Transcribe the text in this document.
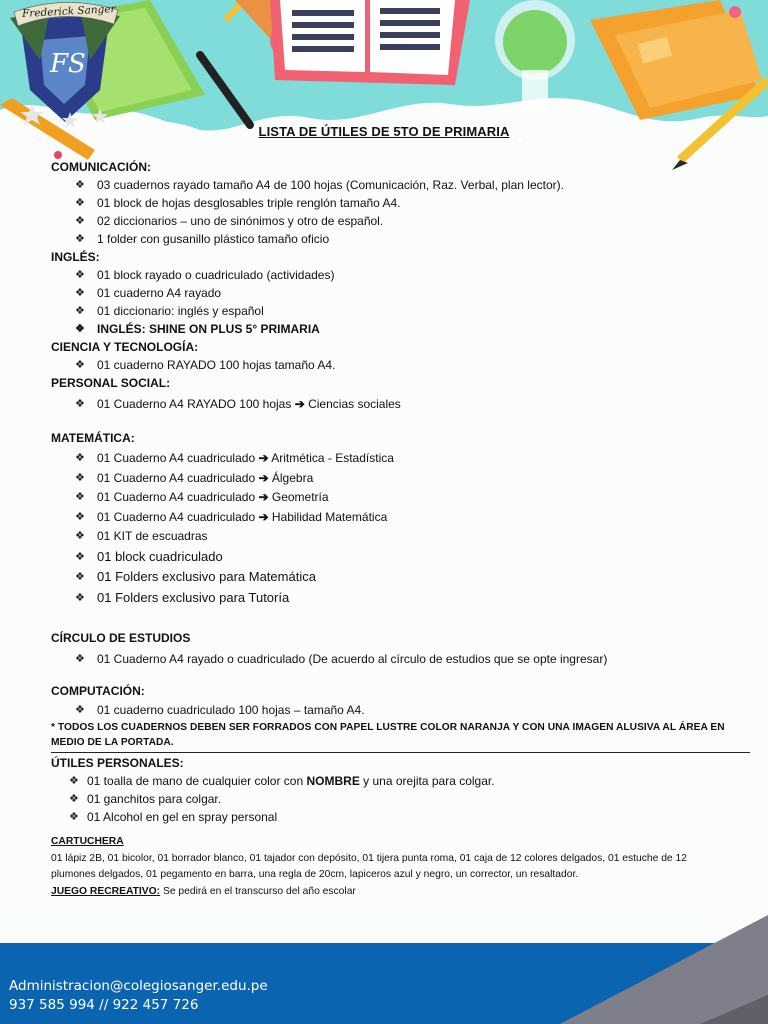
Frederick Sanger
FS
LISTA DE ÚTILES DE 5TO DE PRIMARIA
COMUNICACIÓN:
❖ 03 cuadernos rayado tamaño A4 de 100 hojas (Comunicación, Raz. Verbal, plan lector).
❖ 01 block de hojas desglosables triple renglón tamaño A4.
❖ 02 diccionarios – uno de sinónimos y otro de español.
❖ 1 folder con gusanillo plástico tamaño oficio
INGLÉS:
❖ 01 block rayado o cuadriculado (actividades)
❖ 01 cuaderno A4 rayado
❖ 01 diccionario: inglés y español
❖ INGLÉS: SHINE ON PLUS 5° PRIMARIA
CIENCIA Y TECNOLOGÍA:
❖ 01 cuaderno RAYADO 100 hojas tamaño A4.
PERSONAL SOCIAL:
❖ 01 Cuaderno A4 RAYADO 100 hojas ➔ Ciencias sociales
MATEMÁTICA:
❖ 01 Cuaderno A4 cuadriculado ➔ Aritmética - Estadística
❖ 01 Cuaderno A4 cuadriculado ➔ Álgebra
❖ 01 Cuaderno A4 cuadriculado ➔ Geometría
❖ 01 Cuaderno A4 cuadriculado ➔ Habilidad Matemática
❖ 01 KIT de escuadras
❖ 01 block cuadriculado
❖ 01 Folders exclusivo para Matemática
❖ 01 Folders exclusivo para Tutoría
CÍRCULO DE ESTUDIOS
❖ 01 Cuaderno A4 rayado o cuadriculado (De acuerdo al círculo de estudios que se opte ingresar)
COMPUTACIÓN:
❖ 01 cuaderno cuadriculado 100 hojas – tamaño A4.
* TODOS LOS CUADERNOS DEBEN SER FORRADOS CON PAPEL LUSTRE COLOR NARANJA Y CON UNA IMAGEN ALUSIVA AL ÁREA EN MEDIO DE LA PORTADA.
ÚTILES PERSONALES:
❖ 01 toalla de mano de cualquier color con NOMBRE y una orejita para colgar.
❖ 01 ganchitos para colgar.
❖ 01 Alcohol en gel en spray personal
CARTUCHERA
01 lápiz 2B, 01 bicolor, 01 borrador blanco, 01 tajador con depósito, 01 tijera punta roma, 01 caja de 12 colores delgados, 01 estuche de 12 plumones delgados, 01 pegamento en barra, una regla de 20cm, lapiceros azul y negro, un corrector, un resaltador.
JUEGO RECREATIVO: Se pedirá en el transcurso del año escolar
Administracion@colegiosanger.edu.pe
937 585 994 // 922 457 726
